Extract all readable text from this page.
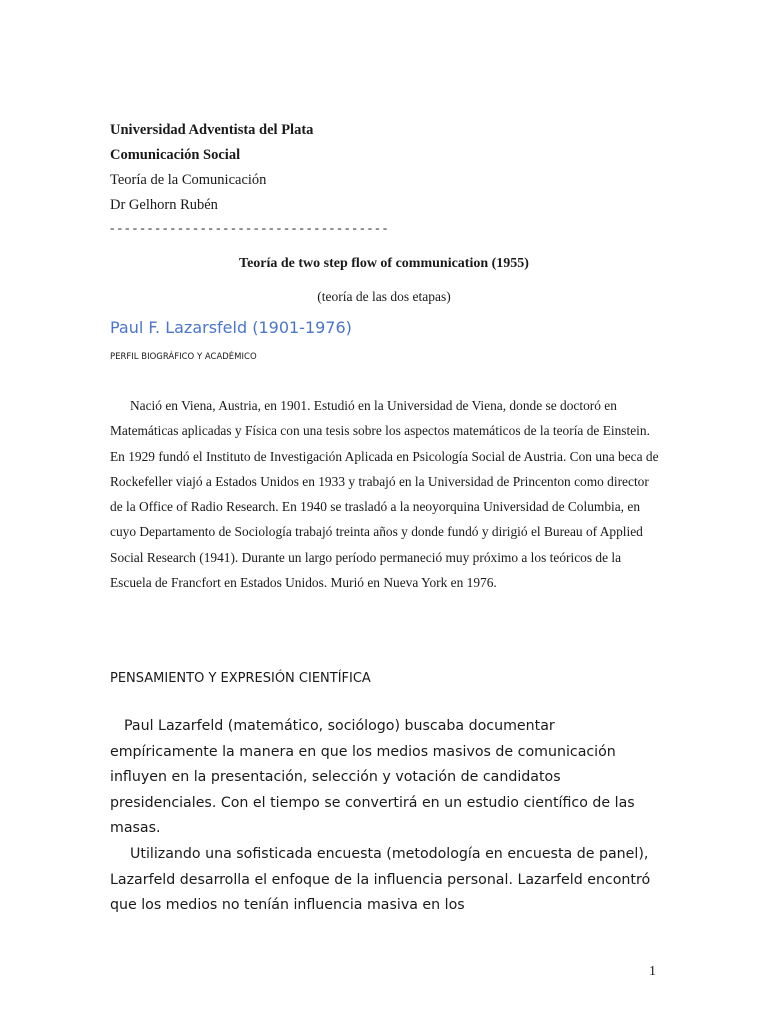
Universidad Adventista del Plata
Comunicación Social
Teoría de la Comunicación
Dr Gelhorn Rubén
- - - - - - - - - - - - - - - - - - - - - - - - - - - - - - - - - - - - -
Teoría de two step flow of communication (1955)
(teoría de las dos etapas)
Paul F. Lazarsfeld (1901-1976)
PERFIL BIOGRÁFICO Y ACADÉMICO

Nació en Viena, Austria, en 1901. Estudió en la Universidad de Viena, donde se doctoró en Matemáticas aplicadas y Física con una tesis sobre los aspectos matemáticos de la teoría de Einstein. En 1929 fundó el Instituto de Investigación Aplicada en Psicología Social de Austria. Con una beca de Rockefeller viajó a Estados Unidos en 1933 y trabajó en la Universidad de Princenton como director de la Office of Radio Research. En 1940 se trasladó a la neoyorquina Universidad de Columbia, en cuyo Departamento de Sociología trabajó treinta años y donde fundó y dirigió el Bureau of Applied Social Research (1941). Durante un largo período permaneció muy próximo a los teóricos de la Escuela de Francfort en Estados Unidos. Murió en Nueva York en 1976.

PENSAMIENTO Y EXPRESIÓN CIENTÍFICA

Paul Lazarfeld (matemático, sociólogo) buscaba documentar empíricamente la manera en que los medios masivos de comunicación influyen en la presentación, selección y votación de candidatos presidenciales. Con el tiempo se convertirá en un estudio científico de las masas.

Utilizando una sofisticada encuesta (metodología en encuesta de panel), Lazarfeld desarrolla el enfoque de la influencia personal. Lazarfeld encontró que los medios no teníán influencia masiva en los

1
